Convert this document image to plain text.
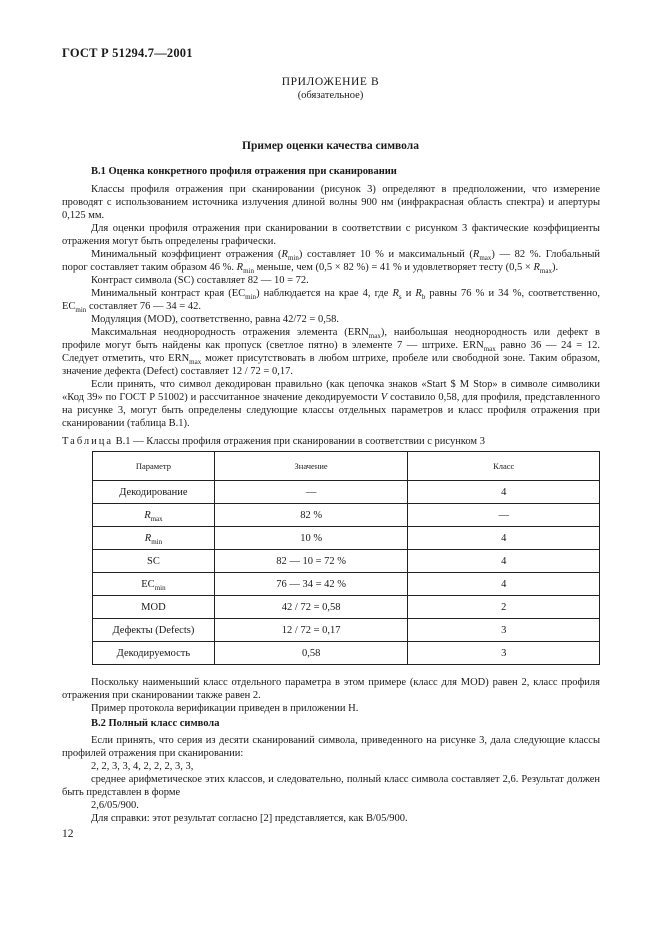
ГОСТ Р 51294.7—2001
ПРИЛОЖЕНИЕ В
(обязательное)
Пример оценки качества символа
В.1 Оценка конкретного профиля отражения при сканировании

Классы профиля отражения при сканировании (рисунок 3) определяют в предположении, что измерение проводят с использованием источника излучения длиной волны 900 нм (инфракрасная область спектра) и апертуры 0,125 мм.

Для оценки профиля отражения при сканировании в соответствии с рисунком 3 фактические коэффициенты отражения могут быть определены графически.

Минимальный коэффициент отражения $(R_{min})$ составляет 10 % и максимальный $(R_{max})$ — 82 %. Глобальный порог составляет таким образом 46 %. $R_{min}$ меньше, чем (0,5 × 82 %) = 41 % и удовлетворяет тесту $(0,5 \times R_{max})$.

Контраст символа (SC) составляет 82 — 10 = 72.

Минимальный контраст края $(EC_{min})$ наблюдается на крае 4, где $R_s$ и $R_b$ равны 76 % и 34 %, соответственно, $EC_{min}$ составляет 76 — 34 = 42.

Модуляция (MOD), соответственно, равна 42/72 = 0,58.

Максимальная неоднородность отражения элемента $(ERN_{max})$, наибольшая неоднородность или дефект в профиле могут быть найдены как пропуск (светлое пятно) в элементе 7 — штрихе. $ERN_{max}$ равно 36 — 24 = 12. Следует отметить, что $ERN_{max}$ может присутствовать в любом штрихе, пробеле или свободной зоне. Таким образом, значение дефекта (Defect) составляет 12 / 72 = 0,17.

Если принять, что символ декодирован правильно (как цепочка знаков «Start $ M Stop» в символе символики «Код 39» по ГОСТ Р 51002) и рассчитанное значение декодируемости V составило 0,58, для профиля, представленного на рисунке 3, могут быть определены следующие классы отдельных параметров и класс профиля отражения при сканировании (таблица В.1).

Таблица В.1 — Классы профиля отражения при сканировании в соответствии с рисунком 3
Параметр	Значение	Класс
Декодирование	—	4
$R_{max}$	82 %	—
$R_{min}$	10 %	4
SC	82 — 10 = 72 %	4
$EC_{min}$	76 — 34 = 42 %	4
MOD	42 / 72 = 0,58	2
Дефекты (Defects)	12 / 72 = 0,17	3
Декодируемость	0,58	3

Поскольку наименьший класс отдельного параметра в этом примере (класс для MOD) равен 2, класс профиля отражения при сканировании также равен 2.

Пример протокола верификации приведен в приложении Н.

В.2 Полный класс символа

Если принять, что серия из десяти сканирований символа, приведенного на рисунке 3, дала следующие классы профилей отражения при сканировании:

2, 2, 3, 3, 4, 2, 2, 2, 3, 3,

среднее арифметическое этих классов, и следовательно, полный класс символа составляет 2,6. Результат должен быть представлен в форме

2,6/05/900.

Для справки: этот результат согласно [2] представляется, как В/05/900.

12
